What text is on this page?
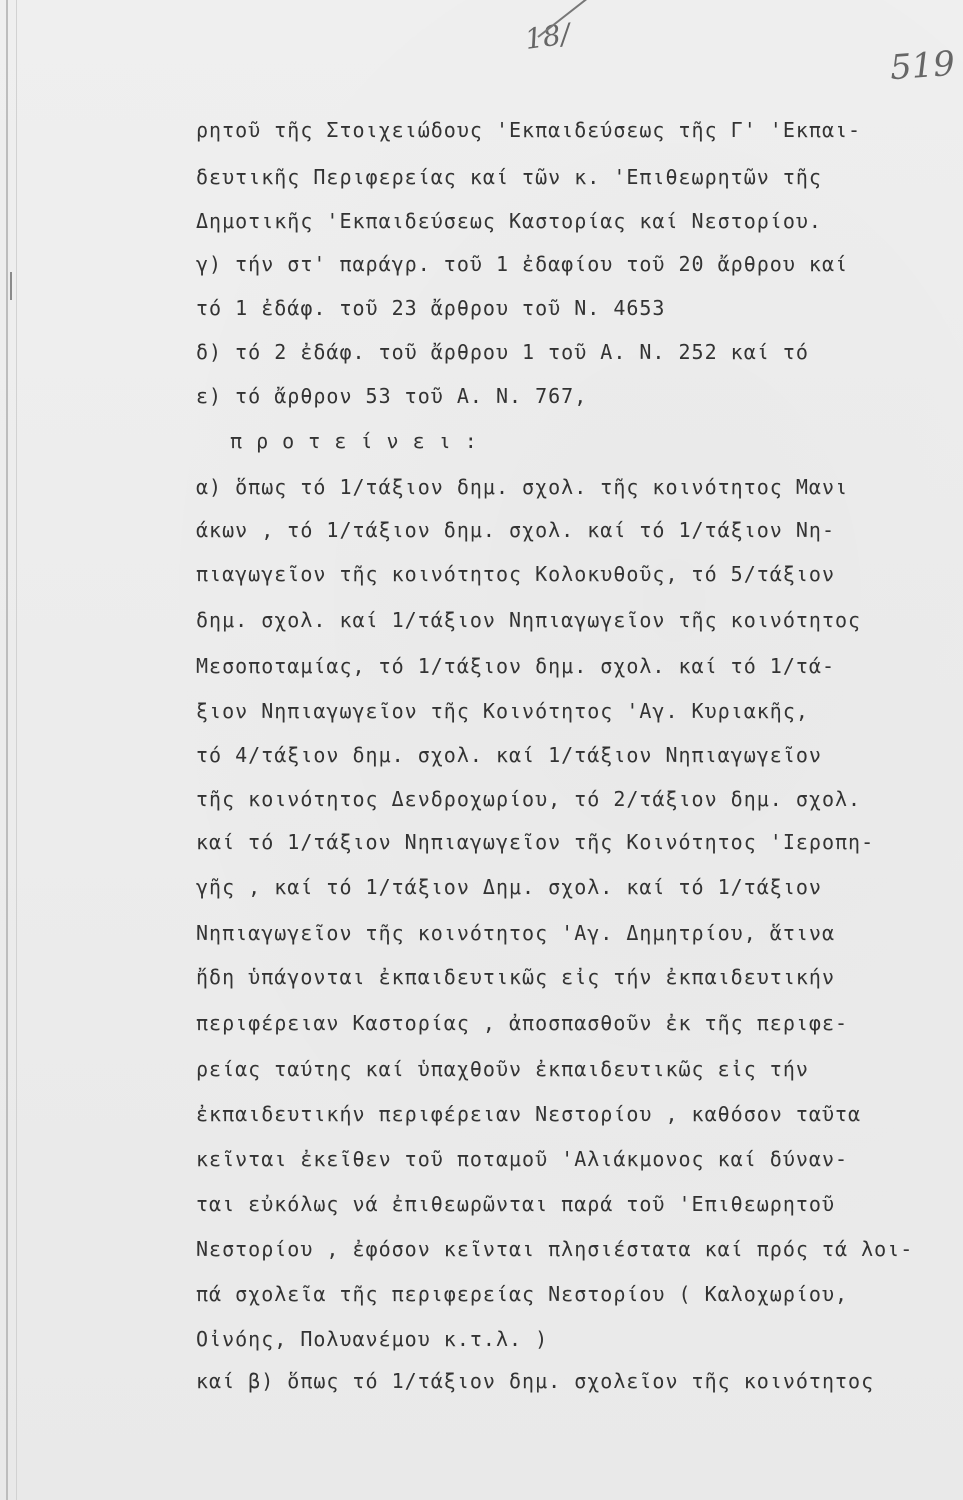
18/
519
ρητοῦ τῆς Στοιχειώδους 'Εκπαιδεύσεως τῆς Γ' 'Εκπαι-
δευτικῆς Περιφερείας καί τῶν κ. 'Επιθεωρητῶν τῆς
Δημοτικῆς 'Εκπαιδεύσεως Καστορίας καί Νεστορίου.
γ) τήν στ' παράγρ. τοῦ 1 ἐδαφίου τοῦ 20 ἄρθρου καί
τό 1 ἐδάφ. τοῦ 23 ἄρθρου τοῦ Ν. 4653
δ) τό 2 ἐδάφ. τοῦ ἄρθρου 1 τοῦ Α. Ν. 252 καί τό
ε) τό ἄρθρον 53 τοῦ Α. Ν. 767,
π ρ ο τ ε ί ν ε ι :
α) ὅπως τό 1/τάξιον δημ. σχολ. τῆς κοινότητος Μανι
άκων , τό 1/τάξιον δημ. σχολ. καί τό 1/τάξιον Νη-
πιαγωγεῖον τῆς κοινότητος Κολοκυθοῦς, τό 5/τάξιον
δημ. σχολ. καί 1/τάξιον Νηπιαγωγεῖον τῆς κοινότητος
Μεσοποταμίας, τό 1/τάξιον δημ. σχολ. καί τό 1/τά-
ξιον Νηπιαγωγεῖον τῆς Κοινότητος 'Αγ. Κυριακῆς,
τό 4/τάξιον δημ. σχολ. καί 1/τάξιον Νηπιαγωγεῖον
τῆς κοινότητος Δενδροχωρίου, τό 2/τάξιον δημ. σχολ.
καί τό 1/τάξιον Νηπιαγωγεῖον τῆς Κοινότητος 'Ιεροπη-
γῆς , καί τό 1/τάξιον Δημ. σχολ. καί τό 1/τάξιον
Νηπιαγωγεῖον τῆς κοινότητος 'Αγ. Δημητρίου, ἅτινα
ἤδη ὑπάγονται ἐκπαιδευτικῶς εἰς τήν ἐκπαιδευτικήν
περιφέρειαν Καστορίας , ἀποσπασθοῦν ἐκ τῆς περιφε-
ρείας ταύτης καί ὑπαχθοῦν ἐκπαιδευτικῶς εἰς τήν
ἐκπαιδευτικήν περιφέρειαν Νεστορίου , καθόσον ταῦτα
κεῖνται ἐκεῖθεν τοῦ ποταμοῦ 'Αλιάκμονος καί δύναν-
ται εὐκόλως νά ἐπιθεωρῶνται παρά τοῦ 'Επιθεωρητοῦ
Νεστορίου , ἐφόσον κεῖνται πλησιέστατα καί πρός τά λοι-
πά σχολεῖα τῆς περιφερείας Νεστορίου ( Καλοχωρίου,
Οἰνόης, Πολυανέμου κ.τ.λ. )
καί β) ὅπως τό 1/τάξιον δημ. σχολεῖον τῆς κοινότητος
